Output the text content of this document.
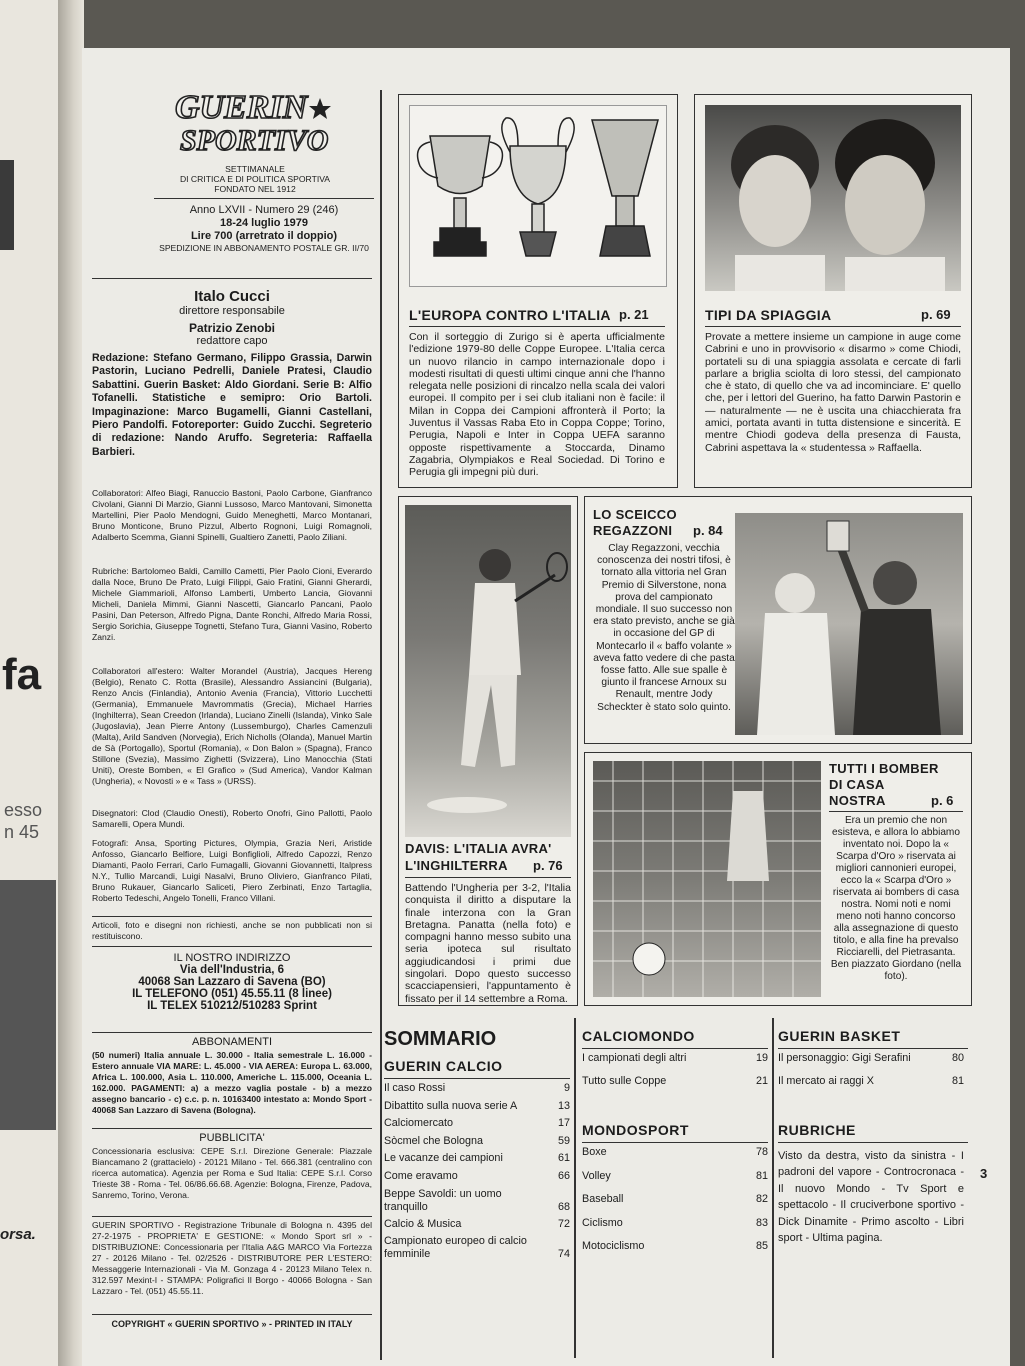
fa
esso
n 45
orsa.
GUERIN
SPORTIVO
SETTIMANALE
DI CRITICA E DI POLITICA SPORTIVA
FONDATO NEL 1912
Anno LXVII - Numero 29 (246)
18-24 luglio 1979
Lire 700 (arretrato il doppio)
SPEDIZIONE IN ABBONAMENTO POSTALE GR. II/70
Italo Cucci
direttore responsabile
Patrizio Zenobi
redattore capo
Redazione: Stefano Germano, Filippo Grassia, Darwin Pastorin, Luciano Pedrelli, Daniele Pratesi, Claudio Sabattini. Guerin Basket: Aldo Giordani. Serie B: Alfio Tofanelli. Statistiche e semipro: Orio Bartoli. Impaginazione: Marco Bugamelli, Gianni Castellani, Piero Pandolfi. Fotoreporter: Guido Zucchi. Segreterio di redazione: Nando Aruffo. Segreteria: Raffaella Barbieri.
Collaboratori: Alfeo Biagi, Ranuccio Bastoni, Paolo Carbone, Gianfranco Civolani, Gianni Di Marzio, Gianni Lussoso, Marco Mantovani, Simonetta Martellini, Pier Paolo Mendogni, Guido Meneghetti, Marco Montanari, Bruno Monticone, Bruno Pizzul, Alberto Rognoni, Luigi Romagnoli, Adalberto Scemma, Gianni Spinelli, Gualtiero Zanetti, Paolo Ziliani.
Rubriche: Bartolomeo Baldi, Camillo Cametti, Pier Paolo Cioni, Everardo dalla Noce, Bruno De Prato, Luigi Filippi, Gaio Fratini, Gianni Gherardi, Michele Giammarioli, Alfonso Lamberti, Umberto Lancia, Giovanni Micheli, Daniela Mimmi, Gianni Nascetti, Giancarlo Pancani, Paolo Pasini, Dan Peterson, Alfredo Pigna, Dante Ronchi, Alfredo Maria Rossi, Sergio Sorichia, Giuseppe Tognetti, Stefano Tura, Gianni Vasino, Roberto Zanzi.
Collaboratori all'estero: Walter Morandel (Austria), Jacques Hereng (Belgio), Renato C. Rotta (Brasile), Alessandro Assiancini (Bulgaria), Renzo Ancis (Finlandia), Antonio Avenia (Francia), Vittorio Lucchetti (Germania), Emmanuele Mavrommatis (Grecia), Michael Harries (Inghilterra), Sean Creedon (Irlanda), Luciano Zinelli (Islanda), Vinko Sale (Jugoslavia), Jean Pierre Antony (Lussemburgo), Charles Camenzuli (Malta), Arild Sandven (Norvegia), Erich Nicholls (Olanda), Manuel Martin de Sà (Portogallo), Sportul (Romania), « Don Balon » (Spagna), Franco Stillone (Svezia), Massimo Zighetti (Svizzera), Lino Manocchia (Stati Uniti), Oreste Bomben, « El Grafico » (Sud America), Vandor Kalman (Ungheria), « Novosti » e « Tass » (URSS).
Disegnatori: Clod (Claudio Onesti), Roberto Onofri, Gino Pallotti, Paolo Samarelli, Opera Mundi.
Fotografi: Ansa, Sporting Pictures, Olympia, Grazia Neri, Aristide Anfosso, Giancarlo Belfiore, Luigi Bonfiglioli, Alfredo Capozzi, Renzo Diamanti, Paolo Ferrari, Carlo Fumagalli, Giovanni Giovannetti, Italpress N.Y., Tullio Marcandi, Luigi Nasalvi, Bruno Oliviero, Gianfranco Pilati, Bruno Rukauer, Giancarlo Saliceti, Piero Zerbinati, Enzo Tartaglia, Roberto Tedeschi, Angelo Tonelli, Franco Villani.
Articoli, foto e disegni non richiesti, anche se non pubblicati non si restituiscono.
IL NOSTRO INDIRIZZO
Via dell'Industria, 6
40068 San Lazzaro di Savena (BO)
IL TELEFONO (051) 45.55.11 (8 linee)
IL TELEX 510212/510283 Sprint
ABBONAMENTI
(50 numeri) Italia annuale L. 30.000 - Italia semestrale L. 16.000 - Estero annuale VIA MARE: L. 45.000 - VIA AEREA: Europa L. 63.000, Africa L. 100.000, Asia L. 110.000, Americhe L. 115.000, Oceania L. 162.000. PAGAMENTI: a) a mezzo vaglia postale - b) a mezzo assegno bancario - c) c.c. p. n. 10163400 intestato a: Mondo Sport - 40068 San Lazzaro di Savena (Bologna).
PUBBLICITA'
Concessionaria esclusiva: CEPE S.r.l. Direzione Generale: Piazzale Biancamano 2 (grattacielo) - 20121 Milano - Tel. 666.381 (centralino con ricerca automatica). Agenzia per Roma e Sud Italia: CEPE S.r.l. Corso Trieste 38 - Roma - Tel. 06/86.66.68. Agenzie: Bologna, Firenze, Padova, Sanremo, Torino, Verona.
GUERIN SPORTIVO - Registrazione Tribunale di Bologna n. 4395 del 27-2-1975 - PROPRIETA' E GESTIONE: « Mondo Sport srl » - DISTRIBUZIONE: Concessionaria per l'Italia A&G MARCO Via Fortezza 27 - 20126 Milano - Tel. 02/2526 - DISTRIBUTORE PER L'ESTERO: Messaggerie Internazionali - Via M. Gonzaga 4 - 20123 Milano Telex n. 312.597 Mexint-I - STAMPA: Poligrafici Il Borgo - 40066 Bologna - San Lazzaro - Tel. (051) 45.55.11.
COPYRIGHT « GUERIN SPORTIVO » - PRINTED IN ITALY
L'EUROPA CONTRO L'ITALIA p. 21
Con il sorteggio di Zurigo si è aperta ufficialmente l'edizione 1979-80 delle Coppe Europee. L'Italia cerca un nuovo rilancio in campo internazionale dopo i modesti risultati di questi ultimi cinque anni che l'hanno relegata nelle posizioni di rincalzo nella scala dei valori europei. Il compito per i sei club italiani non è facile: il Milan in Coppa dei Campioni affronterà il Porto; la Juventus il Vassas Raba Eto in Coppa Coppe; Torino, Perugia, Napoli e Inter in Coppa UEFA saranno opposte rispettivamente a Stoccarda, Dinamo Zagabria, Olympiakos e Real Sociedad. Di Torino e Perugia gli impegni più duri.
TIPI DA SPIAGGIA	p. 69
Provate a mettere insieme un campione in auge come Cabrini e uno in provvisorio « disarmo » come Chiodi, portateli su di una spiaggia assolata e cercate di farli parlare a briglia sciolta di loro stessi, del campionato che è stato, di quello che va ad incominciare. E' quello che, per i lettori del Guerino, ha fatto Darwin Pastorin e — naturalmente — ne è uscita una chiacchierata fra amici, portata avanti in tutta distensione e sincerità. E mentre Chiodi godeva della presenza di Fausta, Cabrini aspettava la « studentessa » Raffaella.
DAVIS: L'ITALIA AVRA'
L'INGHILTERRA p. 76
Battendo l'Ungheria per 3-2, l'Italia conquista il diritto a disputare la finale interzona con la Gran Bretagna. Panatta (nella foto) e compagni hanno messo subito una seria ipoteca sul risultato aggiudicandosi i primi due singolari. Dopo questo successo scacciapensieri, l'appuntamento è fissato per il 14 settembre a Roma.
LO SCEICCO
REGAZZONI p. 84
Clay Regazzoni, vecchia conoscenza dei nostri tifosi, è tornato alla vittoria nel Gran Premio di Silverstone, nona prova del campionato mondiale. Il suo successo non era stato previsto, anche se già in occasione del GP di Montecarlo il « baffo volante » aveva fatto vedere di che pasta fosse fatto. Alle sue spalle è giunto il francese Arnoux su Renault, mentre Jody Scheckter è stato solo quinto.
TUTTI I BOMBER
DI CASA
NOSTRA	p. 6
Era un premio che non esisteva, e allora lo abbiamo inventato noi. Dopo la « Scarpa d'Oro » riservata ai migliori cannonieri europei, ecco la « Scarpa d'Oro » riservata ai bombers di casa nostra. Nomi noti e nomi meno noti hanno concorso alla assegnazione di questo titolo, e alla fine ha prevalso Ricciarelli, del Pietrasanta. Ben piazzato Giordano (nella foto).
SOMMARIO
GUERIN CALCIO
Il caso Rossi	9
Dibattito sulla nuova serie A	13
Calciomercato	17
Sòcmel che Bologna	59
Le vacanze dei campioni	61
Come eravamo	66
Beppe Savoldi: un uomo tranquillo	68
Calcio & Musica	72
Campionato europeo di calcio femminile	74
CALCIOMONDO
I campionati degli altri	19
Tutto sulle Coppe	21
MONDOSPORT
Boxe	78
Volley	81
Baseball	82
Ciclismo	83
Motociclismo	85
GUERIN BASKET
Il personaggio: Gigi Serafini	80
Il mercato ai raggi X	81
RUBRICHE
Visto da destra, visto da sinistra - I padroni del vapore - Controcronaca - Il nuovo Mondo - Tv Sport e spettacolo - Il cruciverbone sportivo - Dick Dinamite - Primo ascolto - Libri sport - Ultima pagina.
3
